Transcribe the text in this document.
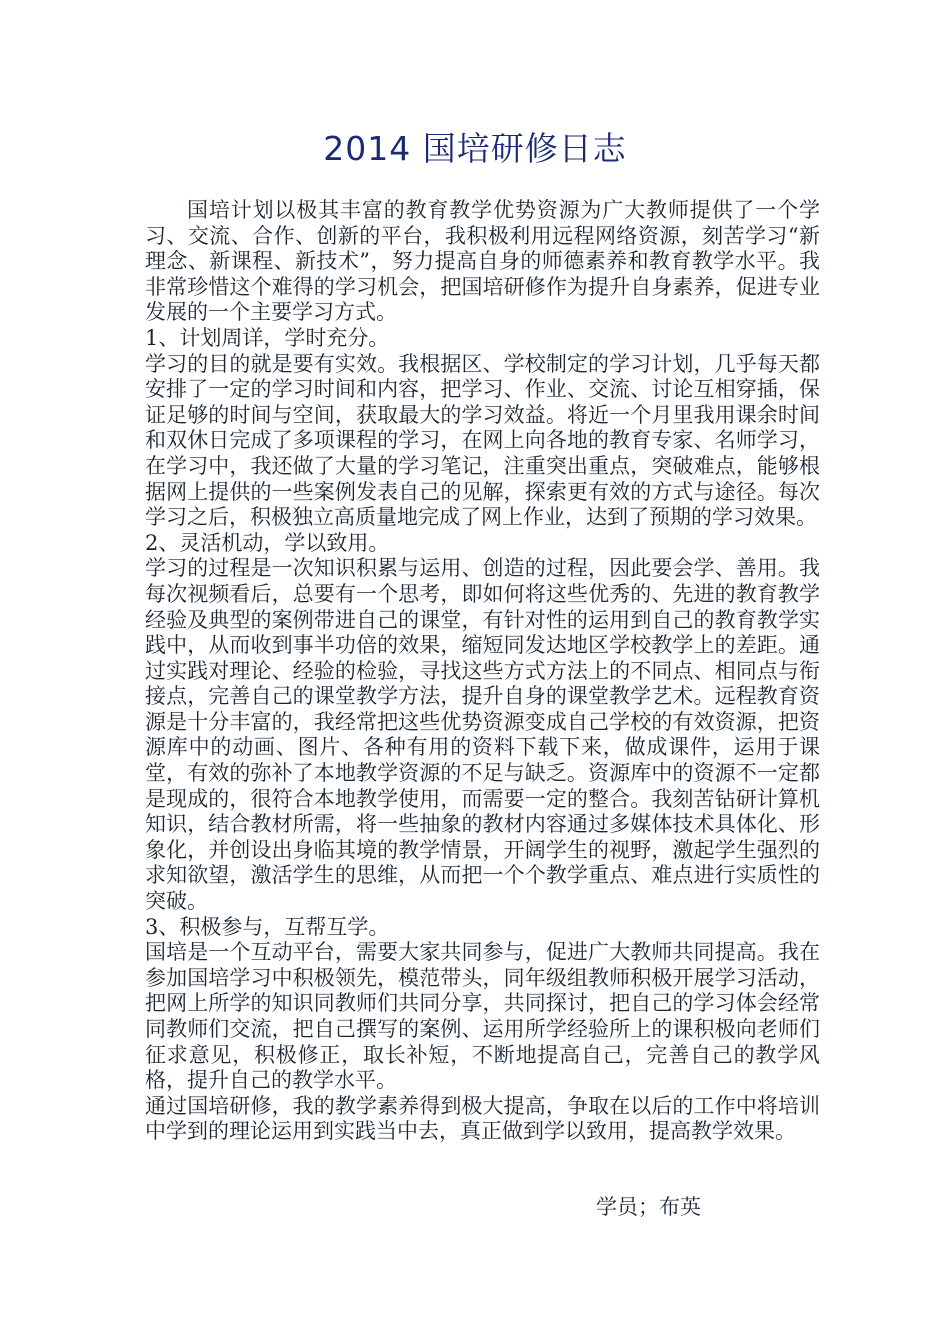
2014 国培研修日志

国培计划以极其丰富的教育教学优势资源为广大教师提供了一个学习、交流、合作、创新的平台，我积极利用远程网络资源，刻苦学习“新理念、新课程、新技术”，努力提高自身的师德素养和教育教学水平。我非常珍惜这个难得的学习机会，把国培研修作为提升自身素养，促进专业发展的一个主要学习方式。

1、计划周详，学时充分。

学习的目的就是要有实效。我根据区、学校制定的学习计划，几乎每天都安排了一定的学习时间和内容，把学习、作业、交流、讨论互相穿插，保证足够的时间与空间，获取最大的学习效益。将近一个月里我用课余时间和双休日完成了多项课程的学习，在网上向各地的教育专家、名师学习，在学习中，我还做了大量的学习笔记，注重突出重点，突破难点，能够根据网上提供的一些案例发表自己的见解，探索更有效的方式与途径。每次学习之后，积极独立高质量地完成了网上作业，达到了预期的学习效果。

2、灵活机动，学以致用。

学习的过程是一次知识积累与运用、创造的过程，因此要会学、善用。我每次视频看后，总要有一个思考，即如何将这些优秀的、先进的教育教学经验及典型的案例带进自己的课堂，有针对性的运用到自己的教育教学实践中，从而收到事半功倍的效果，缩短同发达地区学校教学上的差距。通过实践对理论、经验的检验，寻找这些方式方法上的不同点、相同点与衔接点，完善自己的课堂教学方法，提升自身的课堂教学艺术。远程教育资源是十分丰富的，我经常把这些优势资源变成自己学校的有效资源，把资源库中的动画、图片、各种有用的资料下载下来，做成课件，运用于课堂，有效的弥补了本地教学资源的不足与缺乏。资源库中的资源不一定都是现成的，很符合本地教学使用，而需要一定的整合。我刻苦钻研计算机知识，结合教材所需，将一些抽象的教材内容通过多媒体技术具体化、形象化，并创设出身临其境的教学情景，开阔学生的视野，激起学生强烈的求知欲望，激活学生的思维，从而把一个个教学重点、难点进行实质性的突破。

3、积极参与，互帮互学。

国培是一个互动平台，需要大家共同参与，促进广大教师共同提高。我在参加国培学习中积极领先，模范带头，同年级组教师积极开展学习活动，把网上所学的知识同教师们共同分享，共同探讨，把自己的学习体会经常同教师们交流，把自己撰写的案例、运用所学经验所上的课积极向老师们征求意见，积极修正，取长补短，不断地提高自己，完善自己的教学风格，提升自己的教学水平。

通过国培研修，我的教学素养得到极大提高，争取在以后的工作中将培训中学到的理论运用到实践当中去，真正做到学以致用，提高教学效果。

学员；布英
